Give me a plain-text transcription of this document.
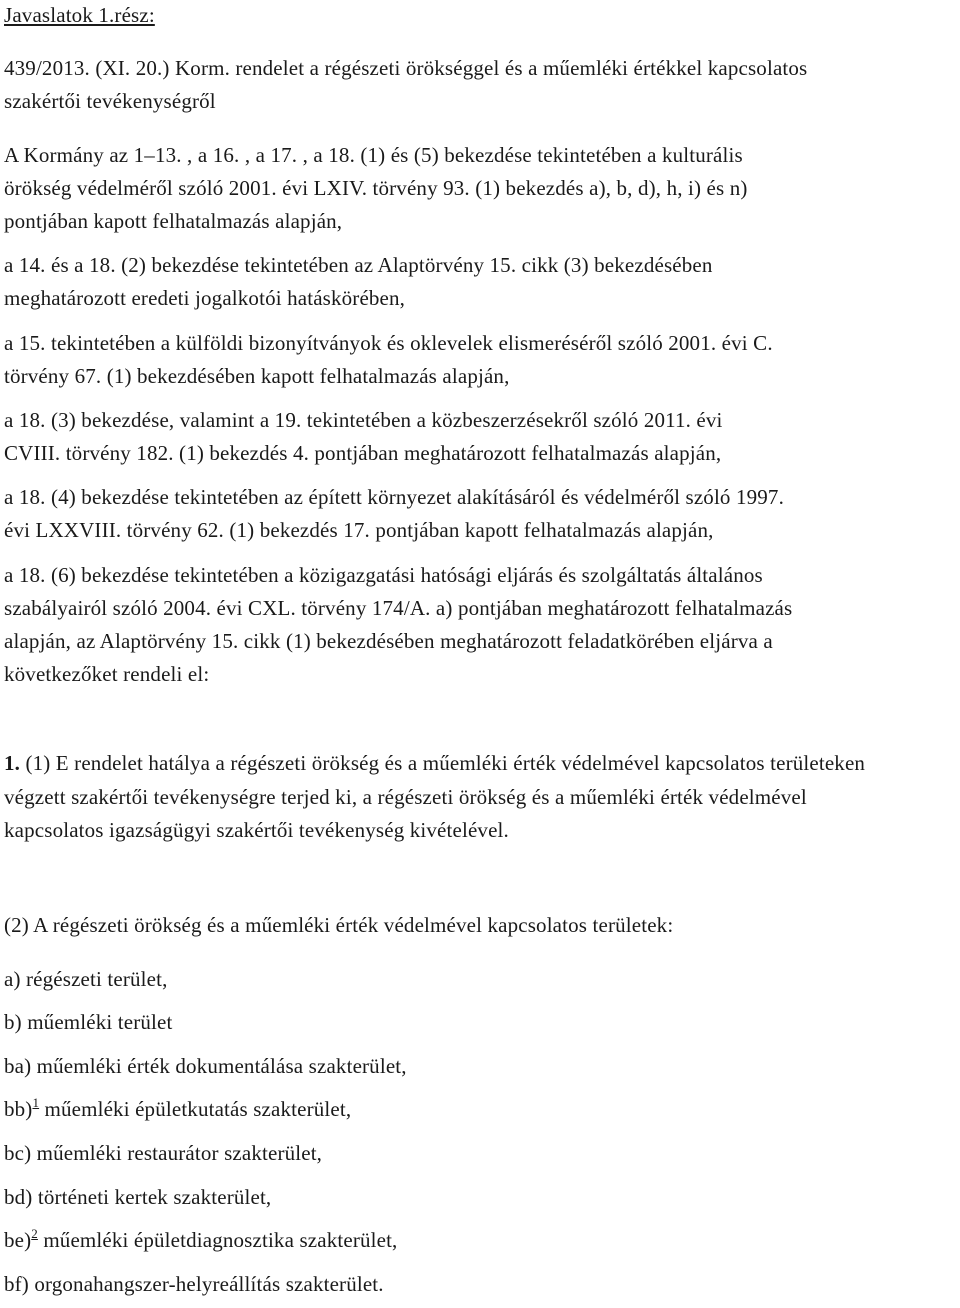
Javaslatok 1.rész:
439/2013. (XI. 20.) Korm. rendelet a régészeti örökséggel és a műemléki értékkel kapcsolatos
szakértői tevékenységről
A Kormány az 1–13. , a 16. , a 17. , a 18. (1) és (5) bekezdése tekintetében a kulturális
örökség védelméről szóló 2001. évi LXIV. törvény 93. (1) bekezdés a), b, d), h, i) és n)
pontjában kapott felhatalmazás alapján,
a 14. és a 18. (2) bekezdése tekintetében az Alaptörvény 15. cikk (3) bekezdésében
meghatározott eredeti jogalkotói hatáskörében,
a 15. tekintetében a külföldi bizonyítványok és oklevelek elismeréséről szóló 2001. évi C.
törvény 67. (1) bekezdésében kapott felhatalmazás alapján,
a 18. (3) bekezdése, valamint a 19. tekintetében a közbeszerzésekről szóló 2011. évi
CVIII. törvény 182. (1) bekezdés 4. pontjában meghatározott felhatalmazás alapján,
a 18. (4) bekezdése tekintetében az épített környezet alakításáról és védelméről szóló 1997.
évi LXXVIII. törvény 62. (1) bekezdés 17. pontjában kapott felhatalmazás alapján,
a 18. (6) bekezdése tekintetében a közigazgatási hatósági eljárás és szolgáltatás általános
szabályairól szóló 2004. évi CXL. törvény 174/A. a) pontjában meghatározott felhatalmazás
alapján, az Alaptörvény 15. cikk (1) bekezdésében meghatározott feladatkörében eljárva a
következőket rendeli el:
1. (1) E rendelet hatálya a régészeti örökség és a műemléki érték védelmével kapcsolatos területeken
végzett szakértői tevékenységre terjed ki, a régészeti örökség és a műemléki érték védelmével
kapcsolatos igazságügyi szakértői tevékenység kivételével.
(2) A régészeti örökség és a műemléki érték védelmével kapcsolatos területek:
a) régészeti terület,
b) műemléki terület
ba) műemléki érték dokumentálása szakterület,
bb)$^1$ műemléki épületkutatás szakterület,
bc) műemléki restaurátor szakterület,
bd) történeti kertek szakterület,
be)$^2$ műemléki épületdiagnosztika szakterület,
bf) orgonahangszer-helyreállítás szakterület.
